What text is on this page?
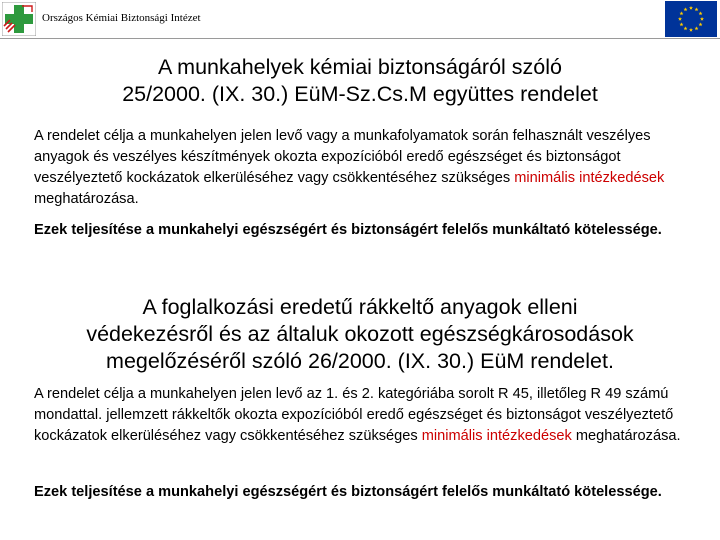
Országos Kémiai Biztonsági Intézet
A munkahelyek kémiai biztonságáról szóló
25/2000. (IX. 30.) EüM-Sz.Cs.M együttes rendelet

A rendelet célja a munkahelyen jelen levő vagy a munkafolyamatok során felhasznált veszélyes anyagok és veszélyes készítmények okozta expozícióból eredő egészséget és biztonságot veszélyeztető kockázatok elkerüléséhez vagy csökkentéséhez szükséges minimális intézkedések meghatározása.

Ezek teljesítése a munkahelyi egészségért és biztonságért felelős munkáltató kötelessége.

A foglalkozási eredetű rákkeltő anyagok elleni
védekezésről és az általuk okozott egészségkárosodások
megelőzéséről szóló 26/2000. (IX. 30.) EüM rendelet.

A rendelet célja a munkahelyen jelen levő az 1. és 2. kategóriába sorolt R 45, illetőleg R 49 számú mondattal. jellemzett rákkeltők okozta expozícióból eredő egészséget és biztonságot veszélyeztető kockázatok elkerüléséhez vagy csökkentéséhez szükséges minimális intézkedések meghatározása.

Ezek teljesítése a munkahelyi egészségért és biztonságért felelős munkáltató kötelessége.
